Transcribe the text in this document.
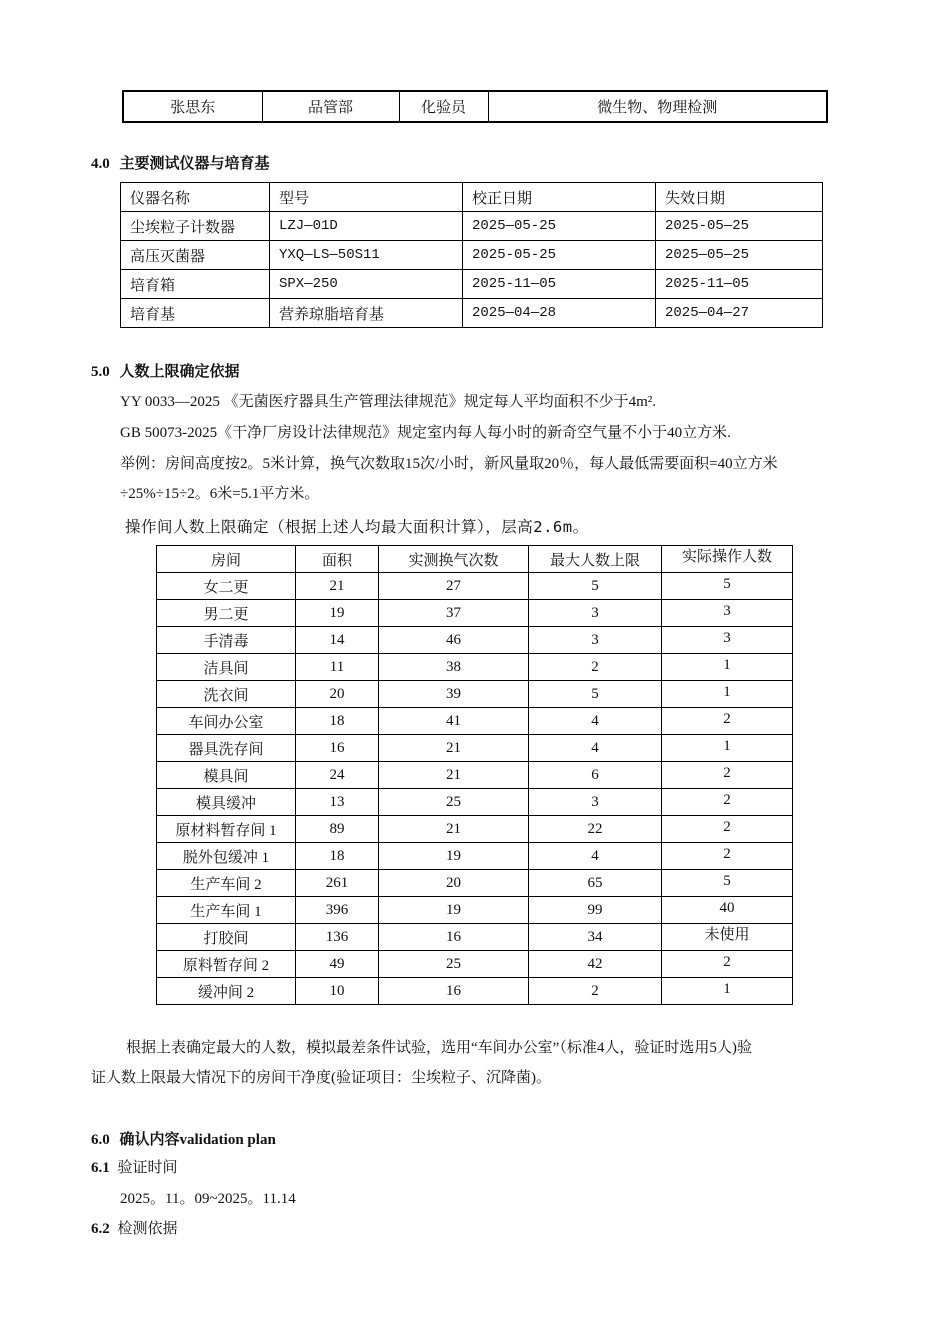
张思东	品管部	化验员	微生物、物理检测
4.0 主要测试仪器与培育基
仪器名称	型号	校正日期	失效日期
尘埃粒子计数器	LZJ—01D	2025—05-25	2025-05—25
高压灭菌器	YXQ—LS—50S11	2025-05-25	2025—05—25
培育箱	SPX—250	2025-11—05	2025-11—05
培育基	营养琼脂培育基	2025—04—28	2025—04—27
5.0 人数上限确定依据
YY 0033—2025 《无菌医疗器具生产管理法律规范》规定每人平均面积不少于4m².
GB 50073-2025《干净厂房设计法律规范》规定室内每人每小时的新奇空气量不小于40立方米.
举例：房间高度按2。5米计算，换气次数取15次/小时，新风量取20％，每人最低需要面积=40立方米
÷25%÷15÷2。6米=5.1平方米。
操作间人数上限确定（根据上述人均最大面积计算），层高2.6m。
房间	面积	实测换气次数	最大人数上限	实际操作人数
女二更	21	27	5	5
男二更	19	37	3	3
手清毒	14	46	3	3
洁具间	11	38	2	1
洗衣间	20	39	5	1
车间办公室	18	41	4	2
器具洗存间	16	21	4	1
模具间	24	21	6	2
模具缓冲	13	25	3	2
原材料暂存间 1	89	21	22	2
脱外包缓冲 1	18	19	4	2
生产车间 2	261	20	65	5
生产车间 1	396	19	99	40
打胶间	136	16	34	未使用
原料暂存间 2	49	25	42	2
缓冲间 2	10	16	2	1
根据上表确定最大的人数，模拟最差条件试验，选用“车间办公室”（标准4人，验证时选用5人)验
证人数上限最大情况下的房间干净度(验证项目：尘埃粒子、沉降菌)。
6.0 确认内容validation plan
6.1 验证时间
2025。11。09~2025。11.14
6.2 检测依据
